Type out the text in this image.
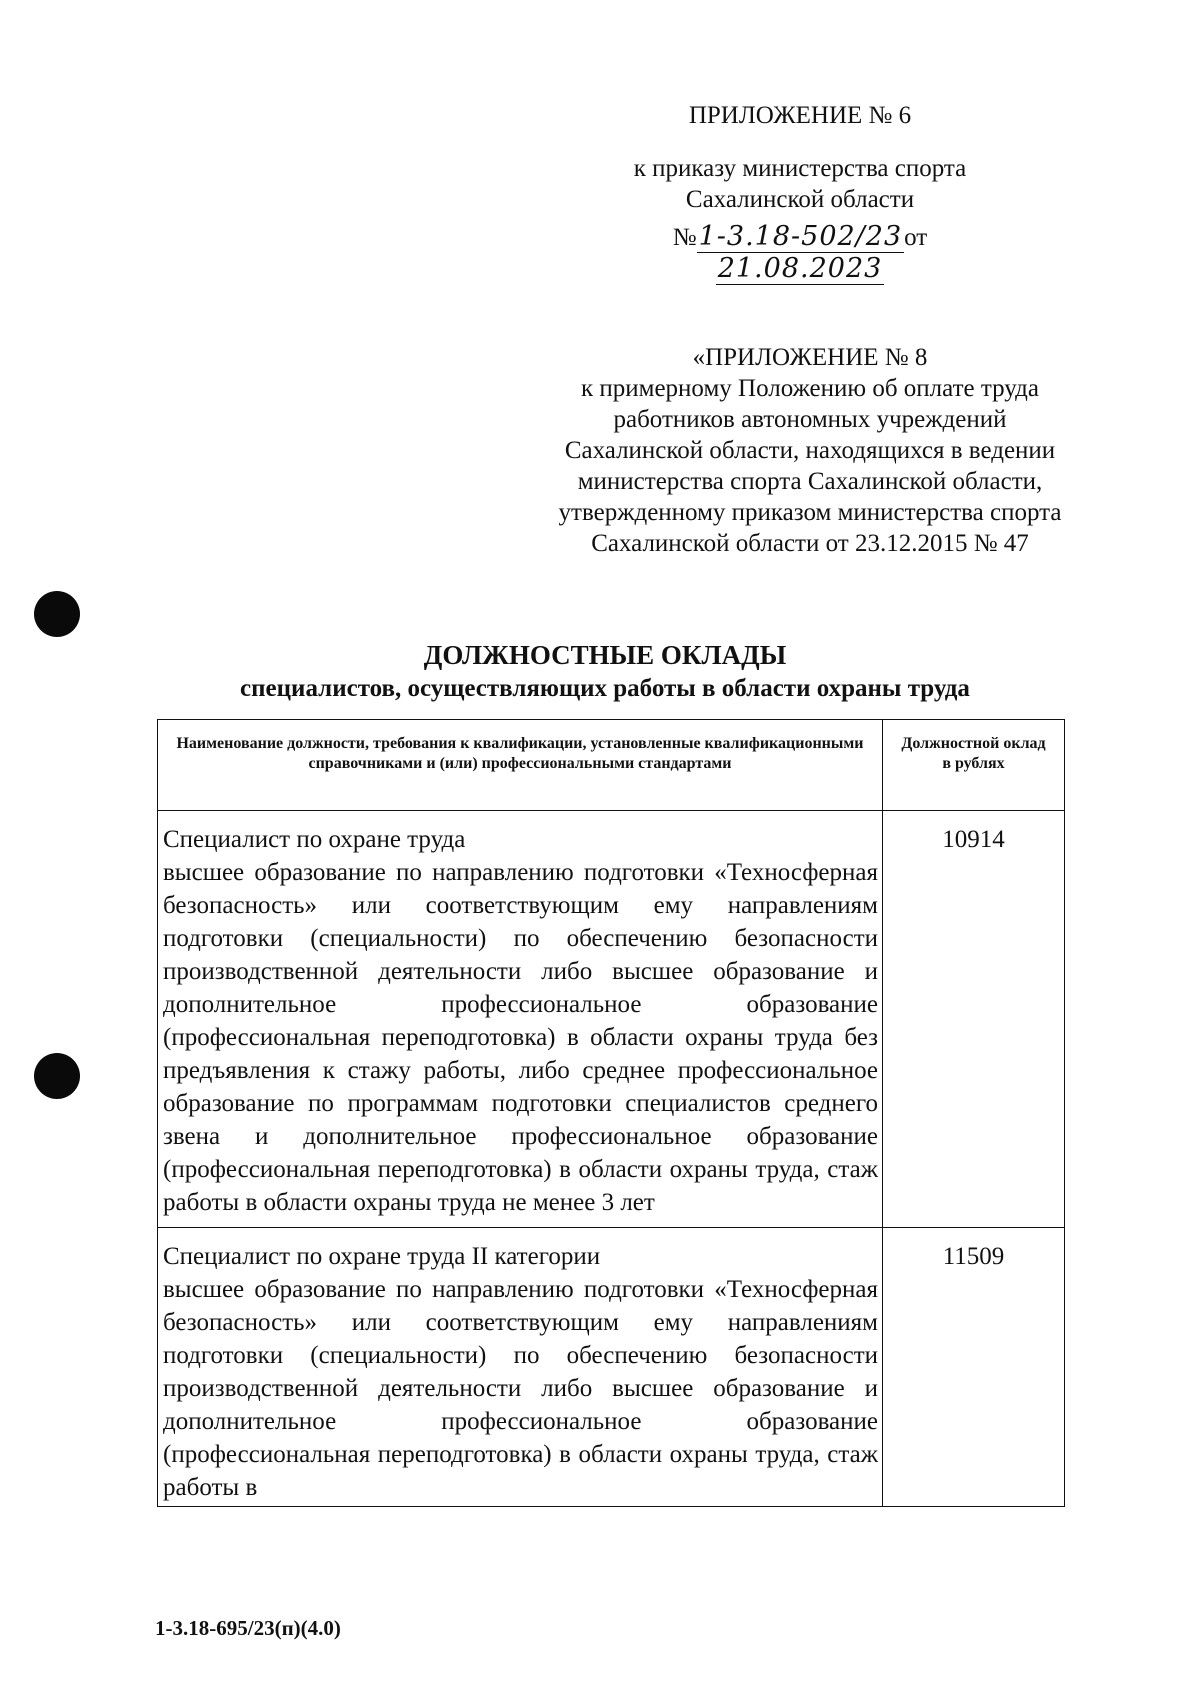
ПРИЛОЖЕНИЕ № 6
к приказу министерства спорта
Сахалинской области
№1-3.18-502/23от 21.08.2023
«ПРИЛОЖЕНИЕ № 8
к примерному Положению об оплате труда
работников автономных учреждений
Сахалинской области, находящихся в ведении
министерства спорта Сахалинской области,
утвержденному приказом министерства спорта
Сахалинской области от 23.12.2015 № 47
ДОЛЖНОСТНЫЕ ОКЛАДЫ
специалистов, осуществляющих работы в области охраны труда
Наименование должности, требования к квалификации, установленные квалификационными справочниками и (или) профессиональными стандартами	Должностной оклад в рублях

Специалист по охране труда
высшее образование по направлению подготовки «Техносферная безопасность» или соответствующим ему направлениям подготовки (специальности) по обеспечению безопасности производственной деятельности либо высшее образование и дополнительное профессиональное образование (профессиональная переподготовка) в области охраны труда без предъявления к стажу работы, либо среднее профессиональное образование по программам подготовки специалистов среднего звена и дополнительное профессиональное образование (профессиональная переподготовка) в области охраны труда, стаж работы в области охраны труда не менее 3 лет	10914

Специалист по охране труда II категории
высшее образование по направлению подготовки «Техносферная безопасность» или соответствующим ему направлениям подготовки (специальности) по обеспечению безопасности производственной деятельности либо высшее образование и дополнительное профессиональное образование (профессиональная переподготовка) в области охраны труда, стаж работы в	11509
1-3.18-695/23(п)(4.0)
